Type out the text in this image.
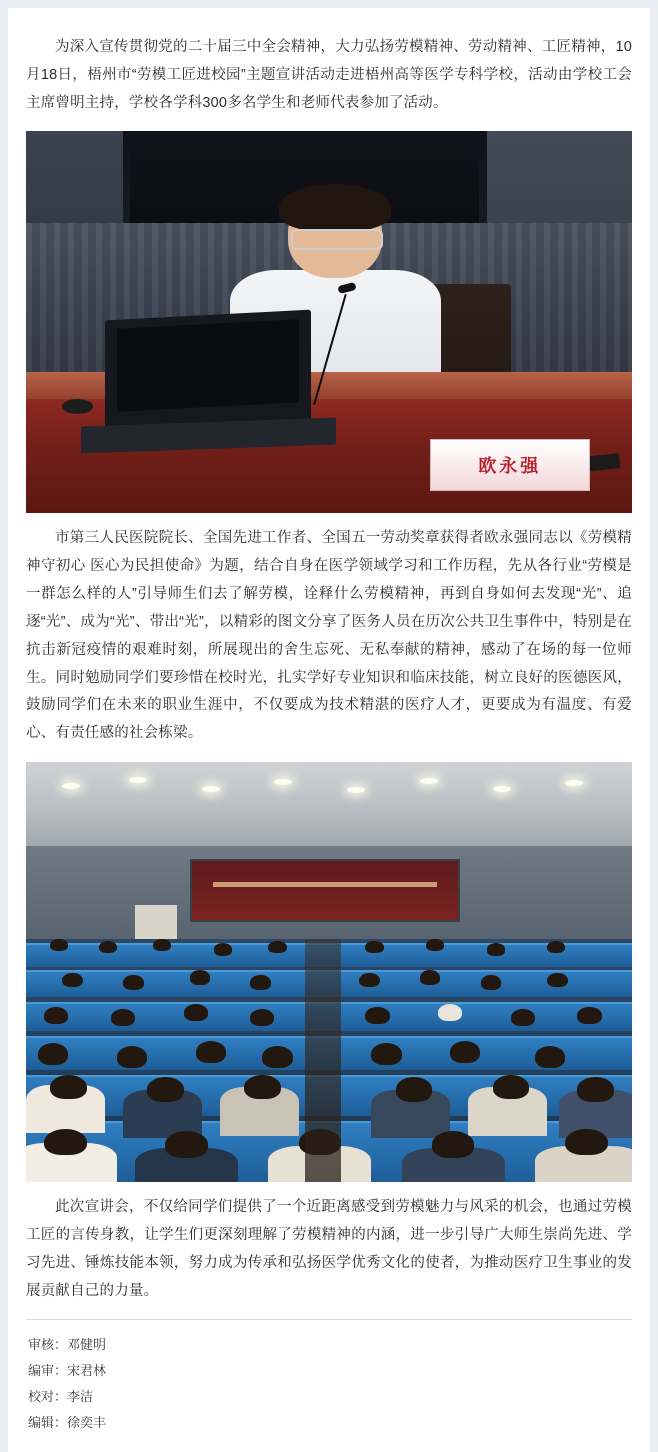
为深入宣传贯彻党的二十届三中全会精神，大力弘扬劳模精神、劳动精神、工匠精神，10月18日，梧州市“劳模工匠进校园”主题宣讲活动走进梧州高等医学专科学校，活动由学校工会主席曾明主持，学校各学科300多名学生和老师代表参加了活动。

欧永强

市第三人民医院院长、全国先进工作者、全国五一劳动奖章获得者欧永强同志以《劳模精神守初心 医心为民担使命》为题，结合自身在医学领域学习和工作历程，先从各行业“劳模是一群怎么样的人”引导师生们去了解劳模，诠释什么劳模精神，再到自身如何去发现“光”、追逐“光”、成为“光”、带出“光”，以精彩的图文分享了医务人员在历次公共卫生事件中，特别是在抗击新冠疫情的艰难时刻，所展现出的舍生忘死、无私奉献的精神，感动了在场的每一位师生。同时勉励同学们要珍惜在校时光，扎实学好专业知识和临床技能，树立良好的医德医风，鼓励同学们在未来的职业生涯中，不仅要成为技术精湛的医疗人才，更要成为有温度、有爱心、有责任感的社会栋梁。

此次宣讲会，不仅给同学们提供了一个近距离感受到劳模魅力与风采的机会，也通过劳模工匠的言传身教，让学生们更深刻理解了劳模精神的内涵，进一步引导广大师生崇尚先进、学习先进、锤炼技能本领，努力成为传承和弘扬医学优秀文化的使者，为推动医疗卫生事业的发展贡献自己的力量。

审核：邓健明
编审：宋君林
校对：李洁
编辑：徐奕丰
